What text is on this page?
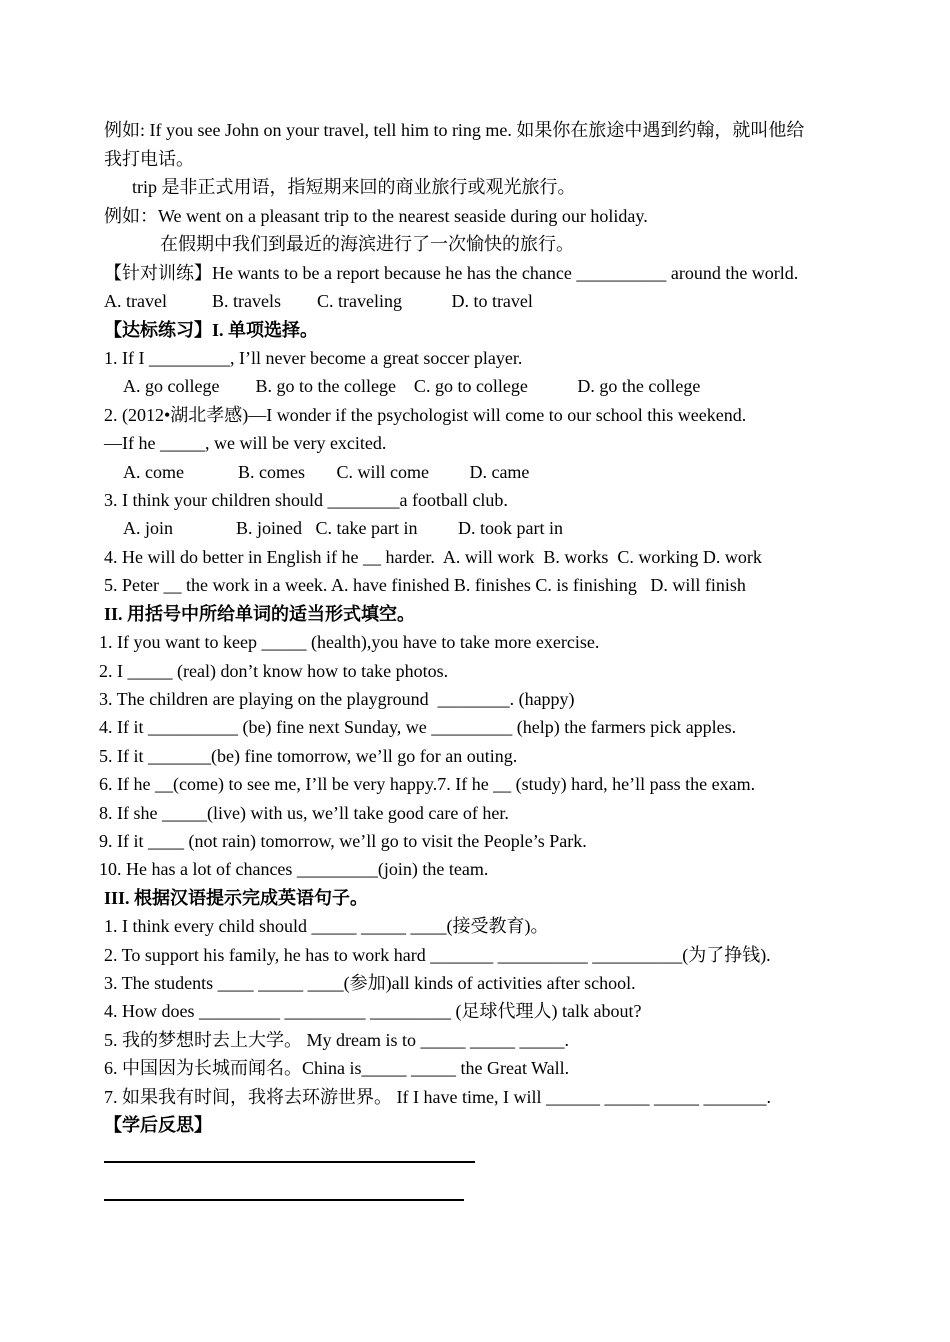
例如: If you see John on your travel, tell him to ring me. 如果你在旅途中遇到约翰，就叫他给
我打电话。
trip 是非正式用语，指短期来回的商业旅行或观光旅行。
例如：We went on a pleasant trip to the nearest seaside during our holiday.
在假期中我们到最近的海滨进行了一次愉快的旅行。
【针对训练】He wants to be a report because he has the chance __________ around the world.
A. travel          B. travels        C. traveling           D. to travel
【达标练习】I. 单项选择。
1. If I _________, I’ll never become a great soccer player.
A. go college        B. go to the college    C. go to college           D. go the college
2. (2012•湖北孝感)—I wonder if the psychologist will come to our school this weekend.
—If he _____, we will be very excited.
A. come            B. comes       C. will come         D. came
3. I think your children should ________a football club.
A. join              B. joined   C. take part in         D. took part in
4. He will do better in English if he __ harder.  A. will work  B. works  C. working D. work
5. Peter __ the work in a week. A. have finished B. finishes C. is finishing   D. will finish
II. 用括号中所给单词的适当形式填空。
1. If you want to keep _____ (health),you have to take more exercise.
2. I _____ (real) don’t know how to take photos.
3. The children are playing on the playground  ________. (happy)
4. If it __________ (be) fine next Sunday, we _________ (help) the farmers pick apples.
5. If it _______(be) fine tomorrow, we’ll go for an outing.
6. If he __(come) to see me, I’ll be very happy.7. If he __ (study) hard, he’ll pass the exam.
8. If she _____(live) with us, we’ll take good care of her.
9. If it ____ (not rain) tomorrow, we’ll go to visit the People’s Park.
10. He has a lot of chances _________(join) the team.
III. 根据汉语提示完成英语句子。
1. I think every child should _____ _____ ____(接受教育)。
2. To support his family, he has to work hard _______ __________ __________(为了挣钱).
3. The students ____ _____ ____(参加)all kinds of activities after school.
4. How does _________ _________ _________ (足球代理人) talk about?
5. 我的梦想时去上大学。 My dream is to _____ _____ _____.
6. 中国因为长城而闻名。China is_____ _____ the Great Wall.
7. 如果我有时间，我将去环游世界。 If I have time, I will ______ _____ _____ _______.
【学后反思】
